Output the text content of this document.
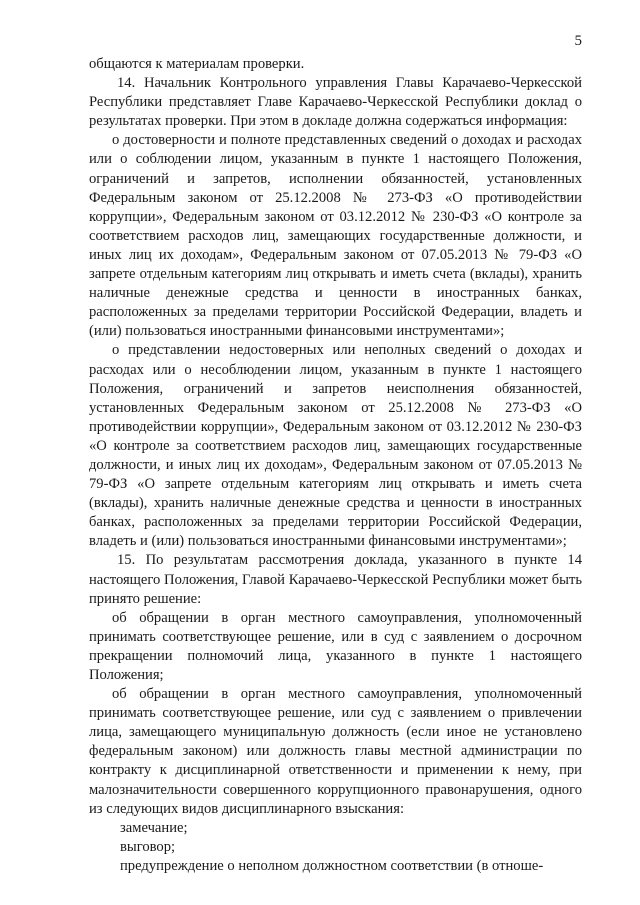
5

общаются к материалам проверки.

14. Начальник Контрольного управления Главы Карачаево-Черкесской Республики представляет Главе Карачаево-Черкесской Республики доклад о результатах проверки. При этом в докладе должна содержаться информация:

о достоверности и полноте представленных сведений о доходах и расходах или о соблюдении лицом, указанным в пункте 1 настоящего Положения, ограничений и запретов, исполнении обязанностей, установленных Федеральным законом от 25.12.2008 № 273-ФЗ «О противодействии коррупции», Федеральным законом от 03.12.2012 № 230-ФЗ «О контроле за соответствием расходов лиц, замещающих государственные должности, и иных лиц их доходам», Федеральным законом от 07.05.2013 № 79-ФЗ «О запрете отдельным категориям лиц открывать и иметь счета (вклады), хранить наличные денежные средства и ценности в иностранных банках, расположенных за пределами территории Российской Федерации, владеть и (или) пользоваться иностранными финансовыми инструментами»;

о представлении недостоверных или неполных сведений о доходах и расходах или о несоблюдении лицом, указанным в пункте 1 настоящего Положения, ограничений и запретов неисполнения обязанностей, установленных Федеральным законом от 25.12.2008 № 273-ФЗ «О противодействии коррупции», Федеральным законом от 03.12.2012 № 230-ФЗ «О контроле за соответствием расходов лиц, замещающих государственные должности, и иных лиц их доходам», Федеральным законом от 07.05.2013 № 79-ФЗ «О запрете отдельным категориям лиц открывать и иметь счета (вклады), хранить наличные денежные средства и ценности в иностранных банках, расположенных за пределами территории Российской Федерации, владеть и (или) пользоваться иностранными финансовыми инструментами»;

15. По результатам рассмотрения доклада, указанного в пункте 14 настоящего Положения, Главой Карачаево-Черкесской Республики может быть принято решение:

об обращении в орган местного самоуправления, уполномоченный принимать соответствующее решение, или в суд с заявлением о досрочном прекращении полномочий лица, указанного в пункте 1 настоящего Положения;

об обращении в орган местного самоуправления, уполномоченный принимать соответствующее решение, или суд с заявлением о привлечении лица, замещающего муниципальную должность (если иное не установлено федеральным законом) или должность главы местной администрации по контракту к дисциплинарной ответственности и применении к нему, при малозначительности совершенного коррупционного правонарушения, одного из следующих видов дисциплинарного взыскания:

замечание;

выговор;

предупреждение о неполном должностном соответствии (в отноше-
